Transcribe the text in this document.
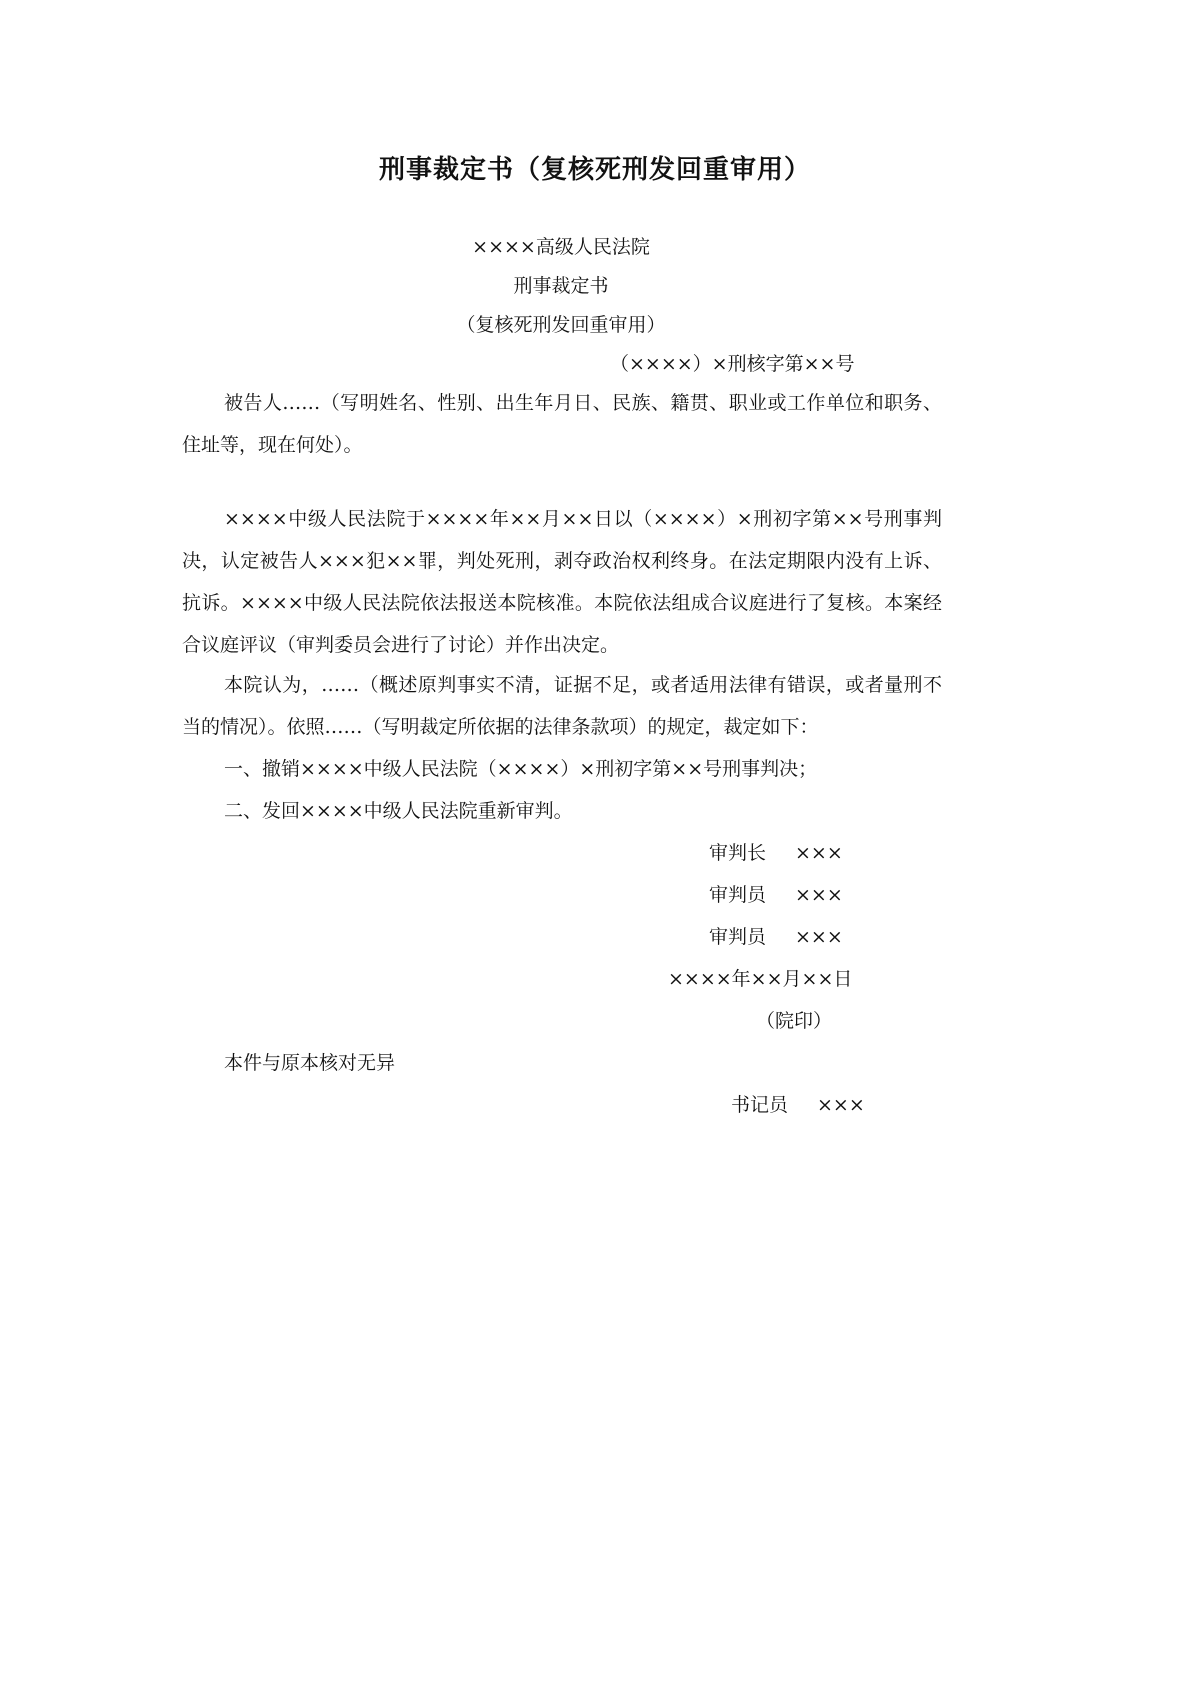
刑事裁定书（复核死刑发回重审用）
××××高级人民法院
刑事裁定书
（复核死刑发回重审用）
（××××）×刑核字第××号
被告人……（写明姓名、性别、出生年月日、民族、籍贯、职业或工作单位和职务、住址等，现在何处）。
××××中级人民法院于××××年××月××日以（××××）×刑初字第××号刑事判决，认定被告人×××犯××罪，判处死刑，剥夺政治权利终身。在法定期限内没有上诉、抗诉。××××中级人民法院依法报送本院核准。本院依法组成合议庭进行了复核。本案经合议庭评议（审判委员会进行了讨论）并作出决定。
本院认为，……（概述原判事实不清，证据不足，或者适用法律有错误，或者量刑不当的情况）。依照……（写明裁定所依据的法律条款项）的规定，裁定如下：
一、撤销××××中级人民法院（××××）×刑初字第××号刑事判决；
二、发回××××中级人民法院重新审判。
审判长 ×××
审判员 ×××
审判员 ×××
××××年××月××日
（院印）
本件与原本核对无异
书记员 ×××
